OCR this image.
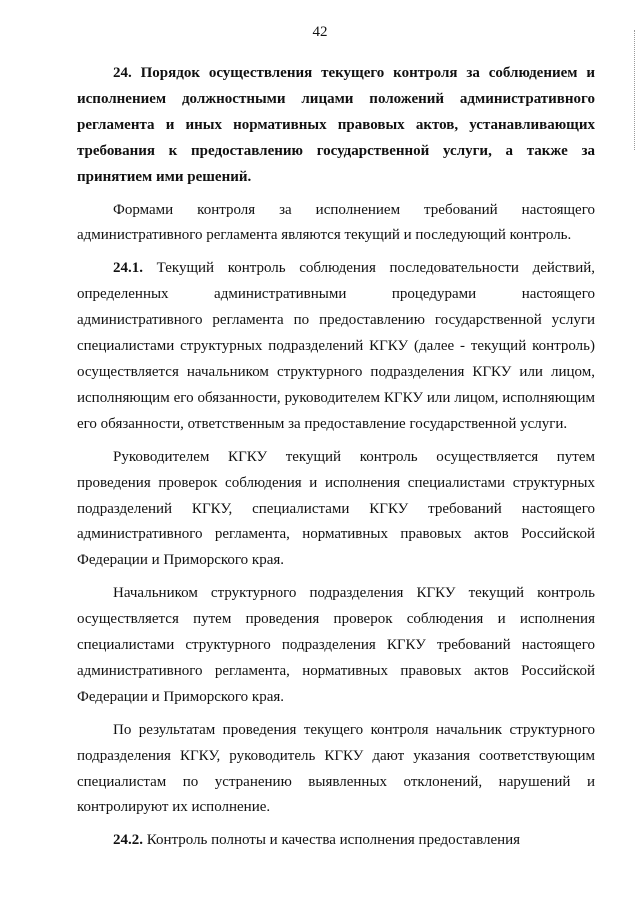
42

24. Порядок осуществления текущего контроля за соблюдением и исполнением должностными лицами положений административного регламента и иных нормативных правовых актов, устанавливающих требования к предоставлению государственной услуги, а также за принятием ими решений.

Формами контроля за исполнением требований настоящего административного регламента являются текущий и последующий контроль.

24.1. Текущий контроль соблюдения последовательности действий, определенных административными процедурами настоящего административного регламента по предоставлению государственной услуги специалистами структурных подразделений КГКУ (далее - текущий контроль) осуществляется начальником структурного подразделения КГКУ или лицом, исполняющим его обязанности, руководителем КГКУ или лицом, исполняющим его обязанности, ответственным за предоставление государственной услуги.

Руководителем КГКУ текущий контроль осуществляется путем проведения проверок соблюдения и исполнения специалистами структурных подразделений КГКУ, специалистами КГКУ требований настоящего административного регламента, нормативных правовых актов Российской Федерации и Приморского края.

Начальником структурного подразделения КГКУ текущий контроль осуществляется путем проведения проверок соблюдения и исполнения специалистами структурного подразделения КГКУ требований настоящего административного регламента, нормативных правовых актов Российской Федерации и Приморского края.

По результатам проведения текущего контроля начальник структурного подразделения КГКУ, руководитель КГКУ дают указания соответствующим специалистам по устранению выявленных отклонений, нарушений и контролируют их исполнение.

24.2. Контроль полноты и качества исполнения предоставления
